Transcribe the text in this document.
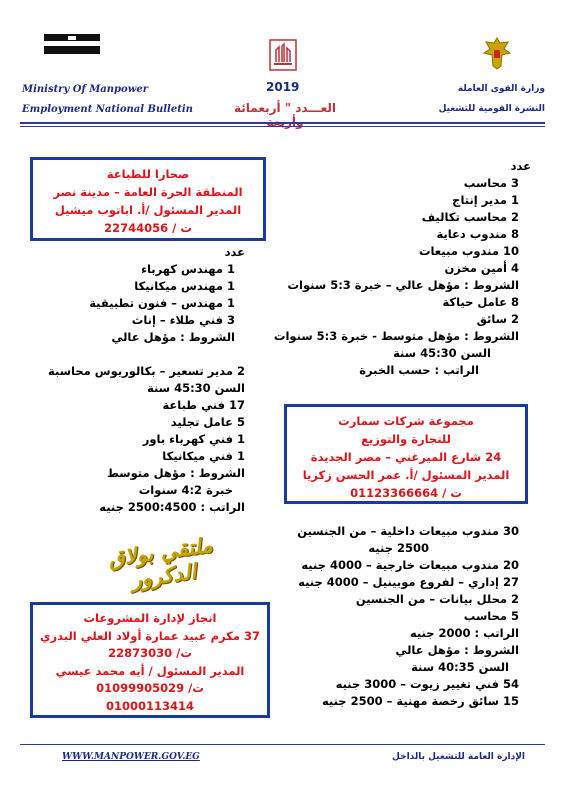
Ministry Of Manpower
Employment National Bulletin
2019
العـــدد " أربعمائة وأربعة
وزارة القوى العاملة
النشرة القومية للتشغيل
عدد
3 محاسب
1 مدير إنتاج
2 محاسب تكاليف
8 مندوب دعاية
10 مندوب مبيعات
4 أمين مخزن
الشروط : مؤهل عالي – خبرة 5:3 سنوات
8 عامل حياكة
2 سائق
الشروط : مؤهل متوسط - خبرة 5:3 سنوات
السن 45:30 سنة
الراتب : حسب الخبرة
صحارا للطباعة
المنطقة الحرة العامة – مدينة نصر
المدير المسئول /أ. اباتوب ميشيل
ت / 22744056
عدد
1 مهندس كهرباء
1 مهندس ميكانيكا
1 مهندس – فنون تطبيقية
3 فني طلاء – إناث
الشروط : مؤهل عالي
2 مدير تسعير – بكالوريوس محاسبة
السن 45:30 سنة
17 فني طباعة
5 عامل تجليد
1 فني كهرباء باور
1 فني ميكانيكا
الشروط : مؤهل متوسط
خبرة 4:2 سنوات
الراتب : 2500:4500 جنيه
مجموعة شركات سمارت
للتجارة والتوزيع
24 شارع الميرغني – مصر الجديدة
المدير المسئول /أ. عمر الحسن زكريا
ت / 01123366664
ملتقي بولاق الدكرور
30 مندوب مبيعات داخلية – من الجنسين
2500 جنيه
20 مندوب مبيعات خارجية – 4000 جنيه
27 إداري – لفروع موبينيل – 4000 جنيه
2 محلل بيانات – من الجنسين
5 محاسب
الراتب : 2000 جنيه
الشروط : مؤهل عالي
السن 40:35 سنة
54 فني تغيير زيوت – 3000 جنيه
15 سائق رخصة مهنية – 2500 جنيه
انجاز لإدارة المشروعات
37 مكرم عبيد عمارة أولاد العلي البدري
ت/ 22873030
المدير المسئول / أيه محمد عيسي
ت/ 01099905029
01000113414
WWW.MANPOWER.GOV.EG	الإدارة العامة للتشغيل بالداخل
